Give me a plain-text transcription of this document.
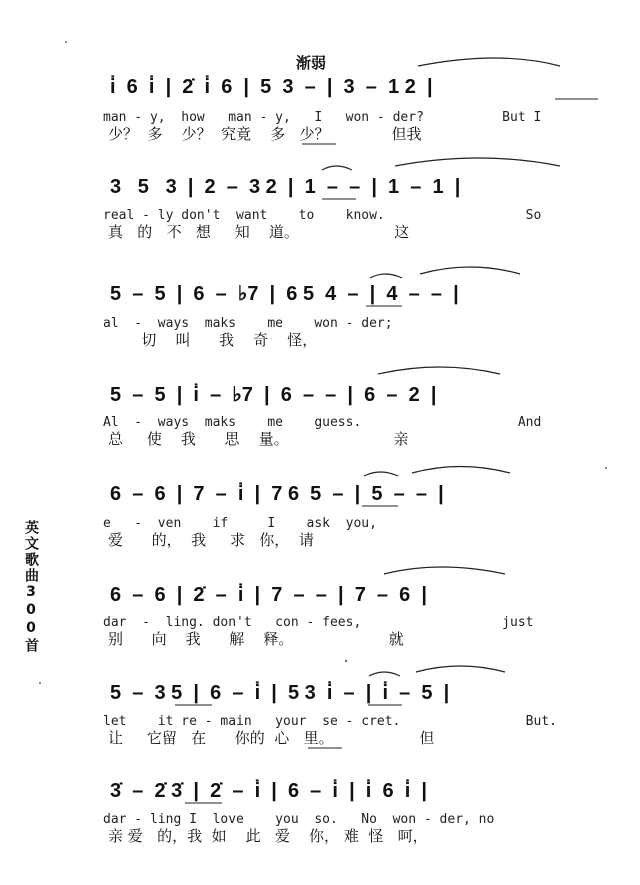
英文歌曲300首
渐弱
i̇  6  i̇  |  2̇  i̇  6  |  5  3  –  |  3  –  1 2  |
man - y,  how   man - y,   I   won - der?          But I
少？  多    少？  究竟    多   少？             但我
3   5   3  |  2  –  3 2  |  1  –  –  |  1  –  1  |
real - ly don't  want    to    know.                  So
真   的   不   想     知    道。                    这
5  –  5  |  6  –  ♭7  |  6 5  4  –  |  4  –  –  |
al  -  ways  maks    me    won - der;
切    叫      我    奇    怪，
5  –  5  |  i̇  –  ♭7  |  6  –  –  |  6  –  2  |
Al  -  ways  maks    me    guess.                    And
总     使    我      思    量。                      亲
6  –  6  |  7  –  i̇  |  7 6  5  –  |  5  –  –  |
e   -  ven    if     I    ask  you,
爱      的，  我     求   你，  请
6  –  6  |  2̇  –  i̇  |  7  –  –  |  7  –  6  |
dar  -  ling. don't   con - fees,                  just
别      向    我      解    释。                    就
5  –  3 5  |  6  –  i̇  |  5 3  i̇  –  |  i̇  –  5  |
let    it re - main   your  se - cret.                But.
让     它留   在      你的  心   里。                  但
3̇  –  2̇ 3̇  |  2̇  –  i̇  |  6  –  i̇  |  i̇  6  i̇  |
dar - ling I  love    you  so.   No  won - der, no
亲 爱   的，我  如    此   爱    你， 难  怪   呵，
